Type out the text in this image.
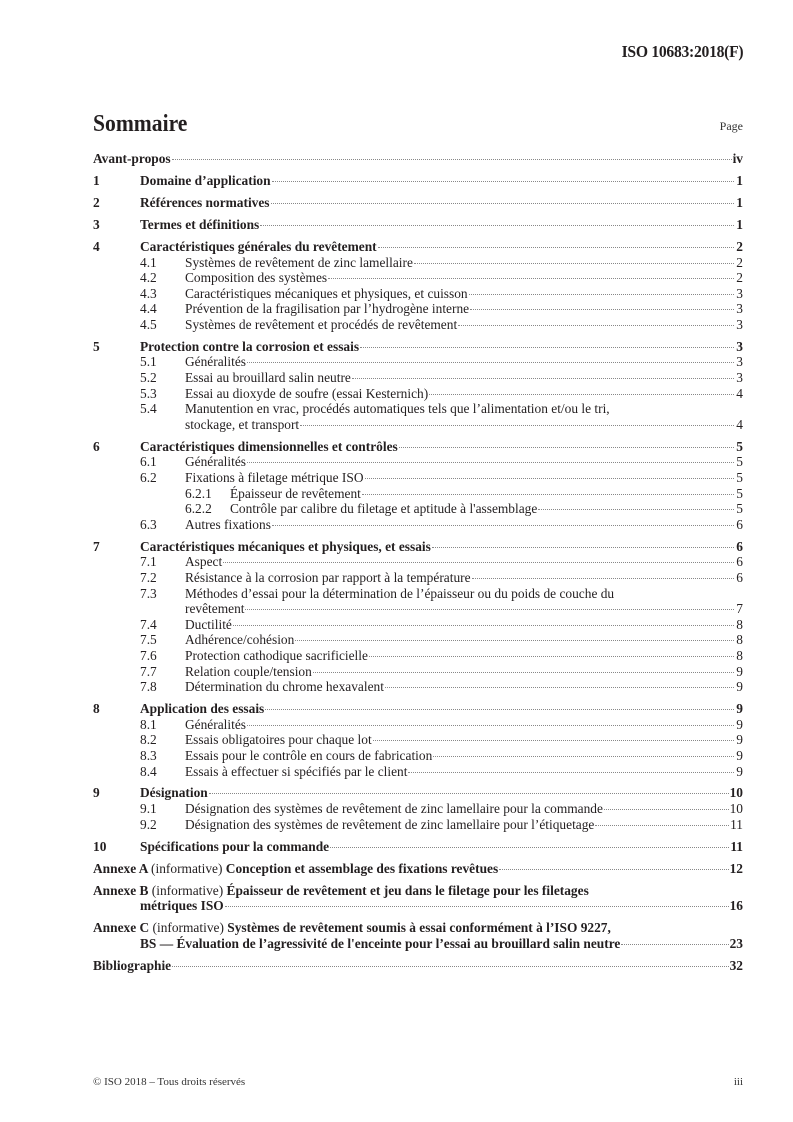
ISO 10683:2018(F)
Sommaire	Page
Avant-propos	iv
1	Domaine d’application	1
2	Références normatives	1
3	Termes et définitions	1
4	Caractéristiques générales du revêtement	2
4.1	Systèmes de revêtement de zinc lamellaire	2
4.2	Composition des systèmes	2
4.3	Caractéristiques mécaniques et physiques, et cuisson	3
4.4	Prévention de la fragilisation par l’hydrogène interne	3
4.5	Systèmes de revêtement et procédés de revêtement	3
5	Protection contre la corrosion et essais	3
5.1	Généralités	3
5.2	Essai au brouillard salin neutre	3
5.3	Essai au dioxyde de soufre (essai Kesternich)	4
5.4	Manutention en vrac, procédés automatiques tels que l’alimentation et/ou le tri,
stockage, et transport	4
6	Caractéristiques dimensionnelles et contrôles	5
6.1	Généralités	5
6.2	Fixations à filetage métrique ISO	5
6.2.1	Épaisseur de revêtement	5
6.2.2	Contrôle par calibre du filetage et aptitude à l'assemblage	5
6.3	Autres fixations	6
7	Caractéristiques mécaniques et physiques, et essais	6
7.1	Aspect	6
7.2	Résistance à la corrosion par rapport à la température	6
7.3	Méthodes d’essai pour la détermination de l’épaisseur ou du poids de couche du
revêtement	7
7.4	Ductilité	8
7.5	Adhérence/cohésion	8
7.6	Protection cathodique sacrificielle	8
7.7	Relation couple/tension	9
7.8	Détermination du chrome hexavalent	9
8	Application des essais	9
8.1	Généralités	9
8.2	Essais obligatoires pour chaque lot	9
8.3	Essais pour le contrôle en cours de fabrication	9
8.4	Essais à effectuer si spécifiés par le client	9
9	Désignation	10
9.1	Désignation des systèmes de revêtement de zinc lamellaire pour la commande	10
9.2	Désignation des systèmes de revêtement de zinc lamellaire pour l’étiquetage	11
10	Spécifications pour la commande	11
Annexe A (informative) Conception et assemblage des fixations revêtues	12
Annexe B (informative) Épaisseur de revêtement et jeu dans le filetage pour les filetages
métriques ISO	16
Annexe C (informative) Systèmes de revêtement soumis à essai conformément à l’ISO 9227,
BS — Évaluation de l’agressivité de l'enceinte pour l’essai au brouillard salin neutre	23
Bibliographie	32
© ISO 2018 – Tous droits réservés	iii
